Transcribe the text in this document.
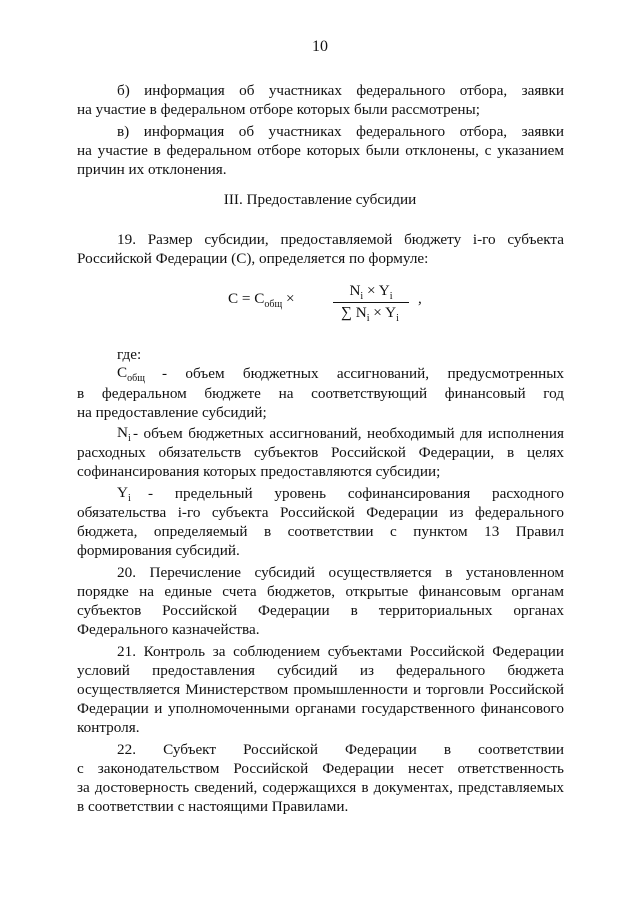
10
б) информация об участниках федерального отбора, заявки
на участие в федеральном отборе которых были рассмотрены;
в) информация об участниках федерального отбора, заявки
на участие в федеральном отборе которых были отклонены, с указанием
причин их отклонения.
III. Предоставление субсидии
19. Размер субсидии, предоставляемой бюджету i-го субъекта
Российской Федерации (C), определяется по формуле:
$C = C_{общ}$ ×	$N_i \times Y_i$
∑ $N_i \times Y_i$
,
где:
$C_{общ}$ - объем бюджетных ассигнований, предусмотренных
в федеральном бюджете на соответствующий финансовый год
на предоставление субсидий;
$N_i$ - объем бюджетных ассигнований, необходимый для исполнения
расходных обязательств субъектов Российской Федерации, в целях
софинансирования которых предоставляются субсидии;
$Y_i$ - предельный уровень софинансирования расходного
обязательства i-го субъекта Российской Федерации из федерального
бюджета, определяемый в соответствии с пунктом 13 Правил
формирования субсидий.
20. Перечисление субсидий осуществляется в установленном
порядке на единые счета бюджетов, открытые финансовым органам
субъектов Российской Федерации в территориальных органах
Федерального казначейства.
21. Контроль за соблюдением субъектами Российской Федерации
условий предоставления субсидий из федерального бюджета
осуществляется Министерством промышленности и торговли Российской
Федерации и уполномоченными органами государственного финансового
контроля.
22. Субъект Российской Федерации в соответствии
с законодательством Российской Федерации несет ответственность
за достоверность сведений, содержащихся в документах, представляемых
в соответствии с настоящими Правилами.
